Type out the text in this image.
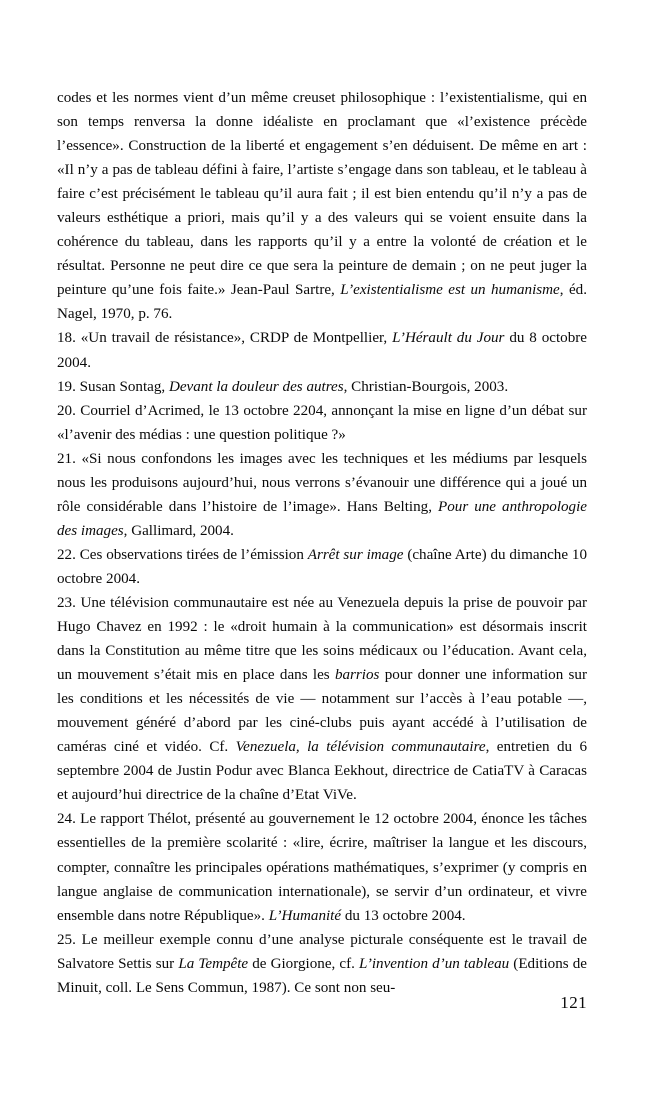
codes et les normes vient d’un même creuset philosophique : l’existentialisme, qui en son temps renversa la donne idéaliste en proclamant que «l’existence précède l’essence». Construction de la liberté et engagement s’en déduisent. De même en art : «Il n’y a pas de tableau défini à faire, l’artiste s’engage dans son tableau, et le tableau à faire c’est précisément le tableau qu’il aura fait ; il est bien entendu qu’il n’y a pas de valeurs esthétique a priori, mais qu’il y a des valeurs qui se voient ensuite dans la cohérence du tableau, dans les rapports qu’il y a entre la volonté de création et le résultat. Personne ne peut dire ce que sera la peinture de demain ; on ne peut juger la peinture qu’une fois faite.» Jean-Paul Sartre, L’existentialisme est un humanisme, éd. Nagel, 1970, p. 76.
18. «Un travail de résistance», CRDP de Montpellier, L’Hérault du Jour du 8 octobre 2004.
19. Susan Sontag, Devant la douleur des autres, Christian-Bourgois, 2003.
20. Courriel d’Acrimed, le 13 octobre 2204, annonçant la mise en ligne d’un débat sur «l’avenir des médias : une question politique ?»
21. «Si nous confondons les images avec les techniques et les médiums par lesquels nous les produisons aujourd’hui, nous verrons s’évanouir une différence qui a joué un rôle considérable dans l’histoire de l’image». Hans Belting, Pour une anthropologie des images, Gallimard, 2004.
22. Ces observations tirées de l’émission Arrêt sur image (chaîne Arte) du dimanche 10 octobre 2004.
23. Une télévision communautaire est née au Venezuela depuis la prise de pouvoir par Hugo Chavez en 1992 : le «droit humain à la communication» est désormais inscrit dans la Constitution au même titre que les soins médicaux ou l’éducation. Avant cela, un mouvement s’était mis en place dans les barrios pour donner une information sur les conditions et les nécessités de vie — notamment sur l’accès à l’eau potable —, mouvement généré d’abord par les ciné-clubs puis ayant accédé à l’utilisation de caméras ciné et vidéo. Cf. Venezuela, la télévision communautaire, entretien du 6 septembre 2004 de Justin Podur avec Blanca Eekhout, directrice de CatiaTV à Caracas et aujourd’hui directrice de la chaîne d’Etat ViVe.
24. Le rapport Thélot, présenté au gouvernement le 12 octobre 2004, énonce les tâches essentielles de la première scolarité : «lire, écrire, maîtriser la langue et les discours, compter, connaître les principales opérations mathématiques, s’exprimer (y compris en langue anglaise de communication internationale), se servir d’un ordinateur, et vivre ensemble dans notre République». L’Humanité du 13 octobre 2004.
25. Le meilleur exemple connu d’une analyse picturale conséquente est le travail de Salvatore Settis sur La Tempête de Giorgione, cf. L’invention d’un tableau (Editions de Minuit, coll. Le Sens Commun, 1987). Ce sont non seu-
121
